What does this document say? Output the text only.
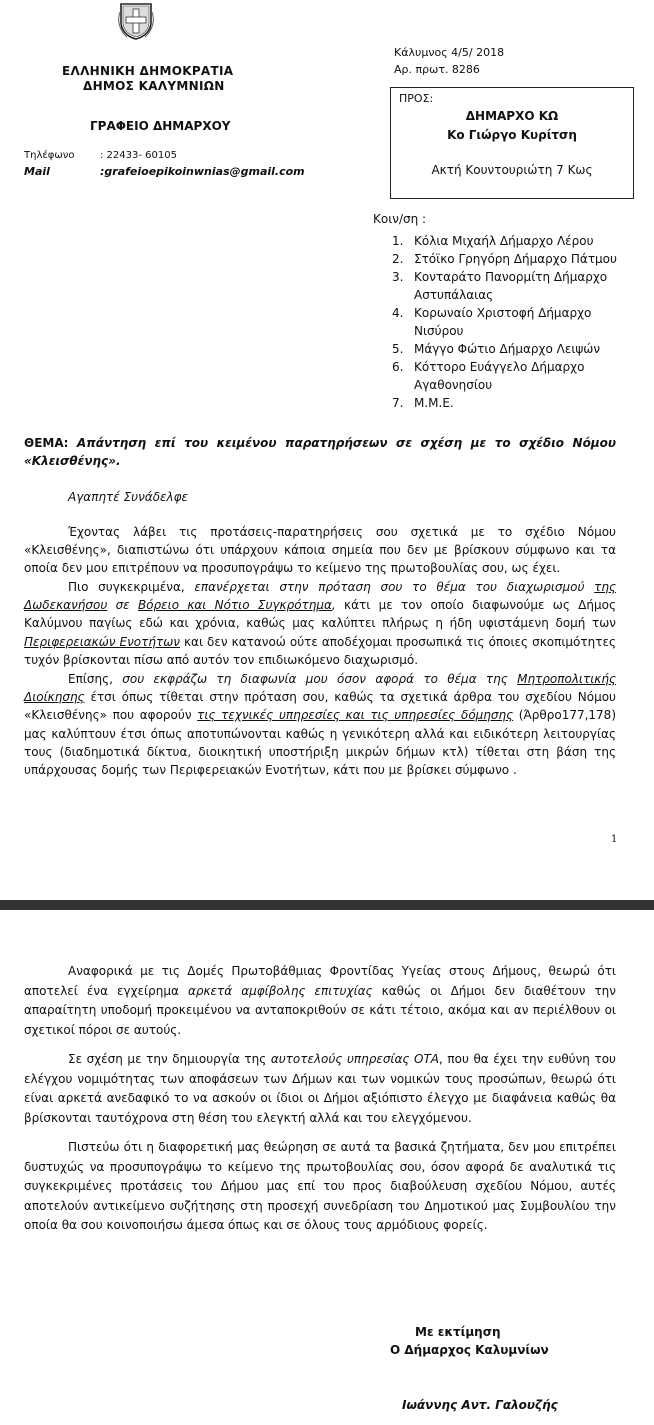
ΕΛΛΗΝΙΚΗ ΔΗΜΟΚΡΑΤΙΑ
ΔΗΜΟΣ ΚΑΛΥΜΝΙΩΝ
ΓΡΑΦΕΙΟ ΔΗΜΑΡΧΟΥ
Τηλέφωνο	: 22433- 60105
Mail	:grafeioepikoinwnias@gmail.com
Κάλυμνος 4/5/ 2018
Αρ. πρωτ. 8286
ΠΡΟΣ:
ΔΗΜΑΡΧΟ ΚΩ
Κο Γιώργο Κυρίτση
Ακτή Κουντουριώτη 7 Κως
Κοιν/ση :
1. Κόλια Μιχαήλ Δήμαρχο Λέρου
2. Στόϊκο Γρηγόρη Δήμαρχο Πάτμου
3. Κονταράτο Πανορμίτη Δήμαρχο Αστυπάλαιας
4. Κορωναίο Χριστοφή Δήμαρχο Νισύρου
5. Μάγγο Φώτιο Δήμαρχο Λειψών
6. Κόττορο Ευάγγελο Δήμαρχο Αγαθονησίου
7. Μ.Μ.Ε.
ΘΕΜΑ: Απάντηση επί του κειμένου παρατηρήσεων σε σχέση με το σχέδιο Νόμου «Κλεισθένης».
Αγαπητέ Συνάδελφε
Έχοντας λάβει τις προτάσεις-παρατηρήσεις σου σχετικά με το σχέδιο Νόμου «Κλεισθένης», διαπιστώνω ότι υπάρχουν κάποια σημεία που δεν με βρίσκουν σύμφωνο και τα οποία δεν μου επιτρέπουν να προσυπογράψω το κείμενο της πρωτοβουλίας σου, ως έχει.
Πιο συγκεκριμένα, επανέρχεται στην πρόταση σου το θέμα του διαχωρισμού της Δωδεκανήσου σε Βόρειο και Νότιο Συγκρότημα, κάτι με τον οποίο διαφωνούμε ως Δήμος Καλύμνου παγίως εδώ και χρόνια, καθώς μας καλύπτει πλήρως η ήδη υφιστάμενη δομή των Περιφερειακών Ενοτήτων και δεν κατανοώ ούτε αποδέχομαι προσωπικά τις όποιες σκοπιμότητες τυχόν βρίσκονται πίσω από αυτόν τον επιδιωκόμενο διαχωρισμό.
Επίσης, σου εκφράζω τη διαφωνία μου όσον αφορά το θέμα της Μητροπολιτικής Διοίκησης έτσι όπως τίθεται στην πρόταση σου, καθώς τα σχετικά άρθρα του σχεδίου Νόμου «Κλεισθένης» που αφορούν τις τεχνικές υπηρεσίες και τις υπηρεσίες δόμησης (Άρθρο177,178) μας καλύπτουν έτσι όπως αποτυπώνονται καθώς η γενικότερη αλλά και ειδικότερη λειτουργίας τους (διαδημοτικά δίκτυα, διοικητική υποστήριξη μικρών δήμων κτλ) τίθεται στη βάση της υπάρχουσας δομής των Περιφερειακών Ενοτήτων, κάτι που με βρίσκει σύμφωνο .
1
Αναφορικά με τις Δομές Πρωτοβάθμιας Φροντίδας Υγείας στους Δήμους, θεωρώ ότι αποτελεί ένα εγχείρημα αρκετά αμφίβολης επιτυχίας καθώς οι Δήμοι δεν διαθέτουν την απαραίτητη υποδομή προκειμένου να ανταποκριθούν σε κάτι τέτοιο, ακόμα και αν περιέλθουν οι σχετικοί πόροι σε αυτούς.
Σε σχέση με την δημιουργία της αυτοτελούς υπηρεσίας ΟΤΑ, που θα έχει την ευθύνη του ελέγχου νομιμότητας των αποφάσεων των Δήμων και των νομικών τους προσώπων, θεωρώ ότι είναι αρκετά ανεδαφικό το να ασκούν οι ίδιοι οι Δήμοι αξιόπιστο έλεγχο με διαφάνεια καθώς θα βρίσκονται ταυτόχρονα στη θέση του ελεγκτή αλλά και του ελεγχόμενου.
Πιστεύω ότι η διαφορετική μας θεώρηση σε αυτά τα βασικά ζητήματα, δεν μου επιτρέπει δυστυχώς να προσυπογράψω το κείμενο της πρωτοβουλίας σου, όσον αφορά δε αναλυτικά τις συγκεκριμένες προτάσεις του Δήμου μας επί του προς διαβούλευση σχεδίου Νόμου, αυτές αποτελούν αντικείμενο συζήτησης στη προσεχή συνεδρίαση του Δημοτικού μας Συμβουλίου την οποία θα σου κοινοποιήσω άμεσα όπως και σε όλους τους αρμόδιους φορείς.
Με εκτίμηση
Ο Δήμαρχος Καλυμνίων
Ιωάννης Αντ. Γαλουζής
